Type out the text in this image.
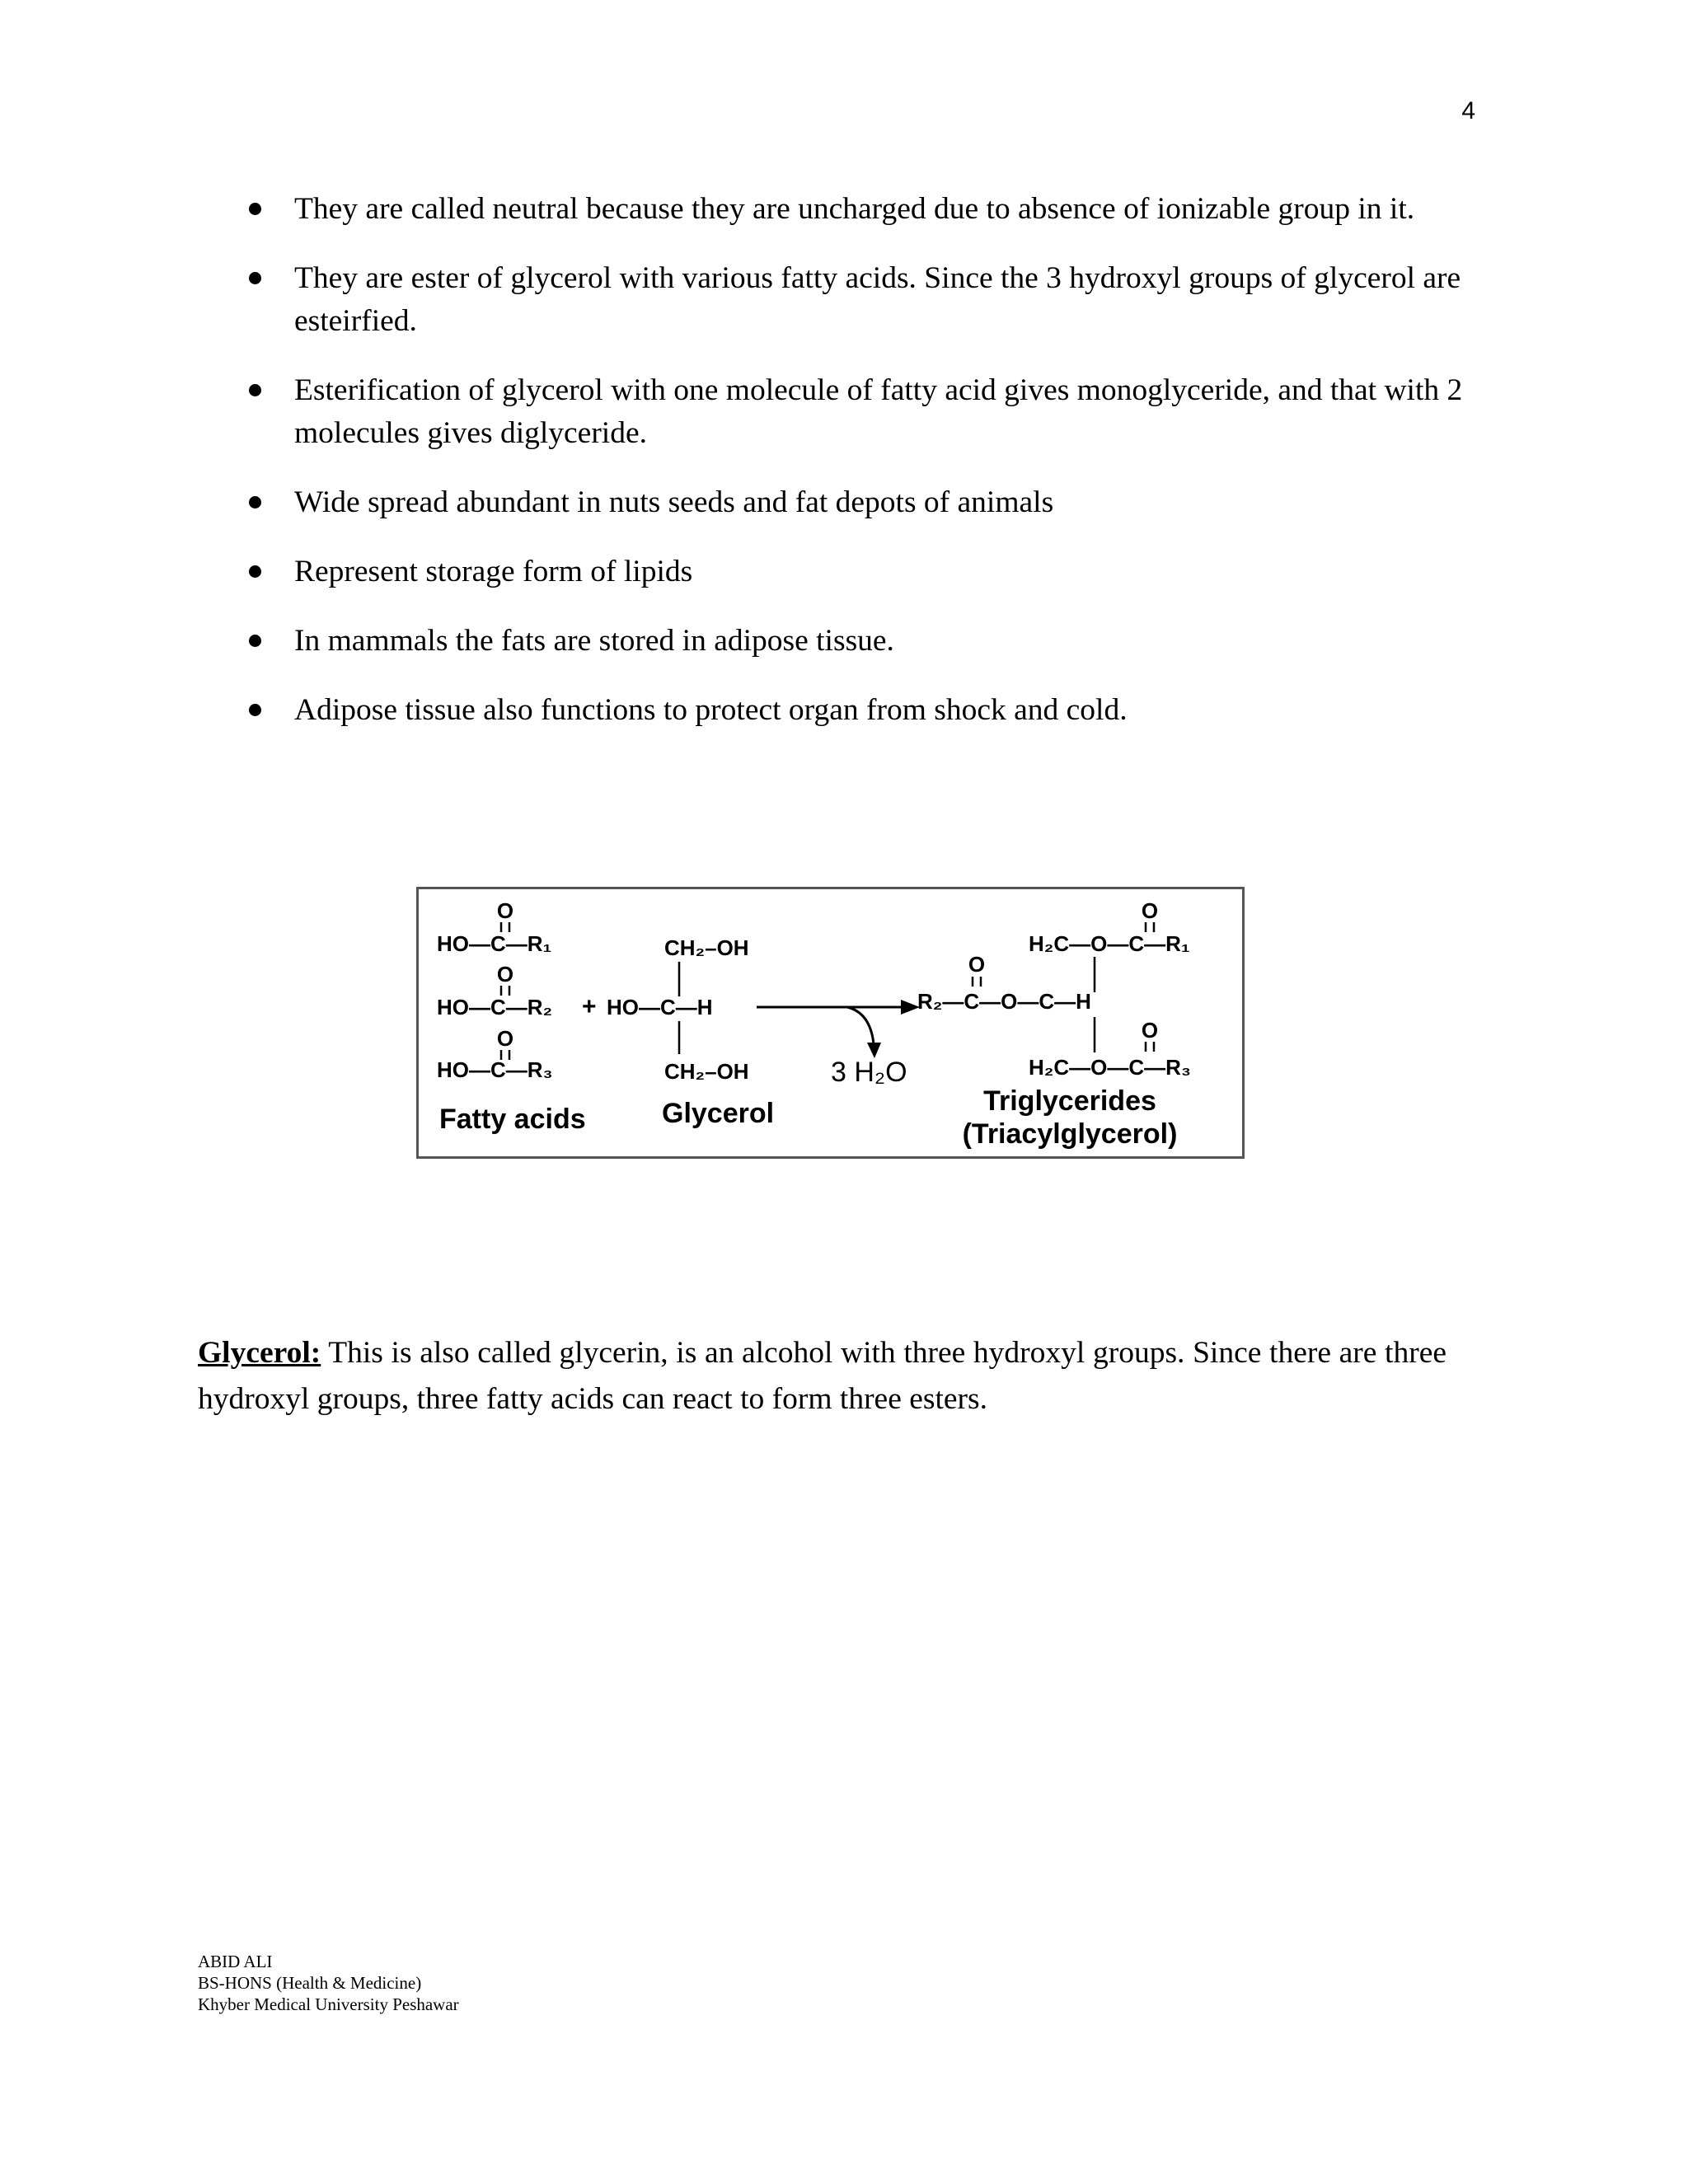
4
They are called neutral because they are uncharged due to absence of ionizable group in it.
They are ester of glycerol with various fatty acids. Since the 3 hydroxyl groups of glycerol are esteirfied.
Esterification of glycerol with one molecule of fatty acid gives monoglyceride, and that with 2 molecules gives diglyceride.
Wide spread abundant in nuts seeds and fat depots of animals
Represent storage form of lipids
In mammals the fats are stored in adipose tissue.
Adipose tissue also functions to protect organ from shock and cold.
O
HO—C—R₁
O
HO—C—R₂
O
HO—C—R₃
Fatty acids
+
CH₂–OH
HO—C—H
CH₂–OH
Glycerol
3 H₂O
O
H₂C—O—C—R₁
O
R₂—C—O—C—H
O
H₂C—O—C—R₃
Triglycerides
(Triacylglycerol)

Glycerol: This is also called glycerin, is an alcohol with three hydroxyl groups. Since there are three hydroxyl groups, three fatty acids can react to form three esters.

ABID ALI
BS-HONS (Health & Medicine)
Khyber Medical University Peshawar
